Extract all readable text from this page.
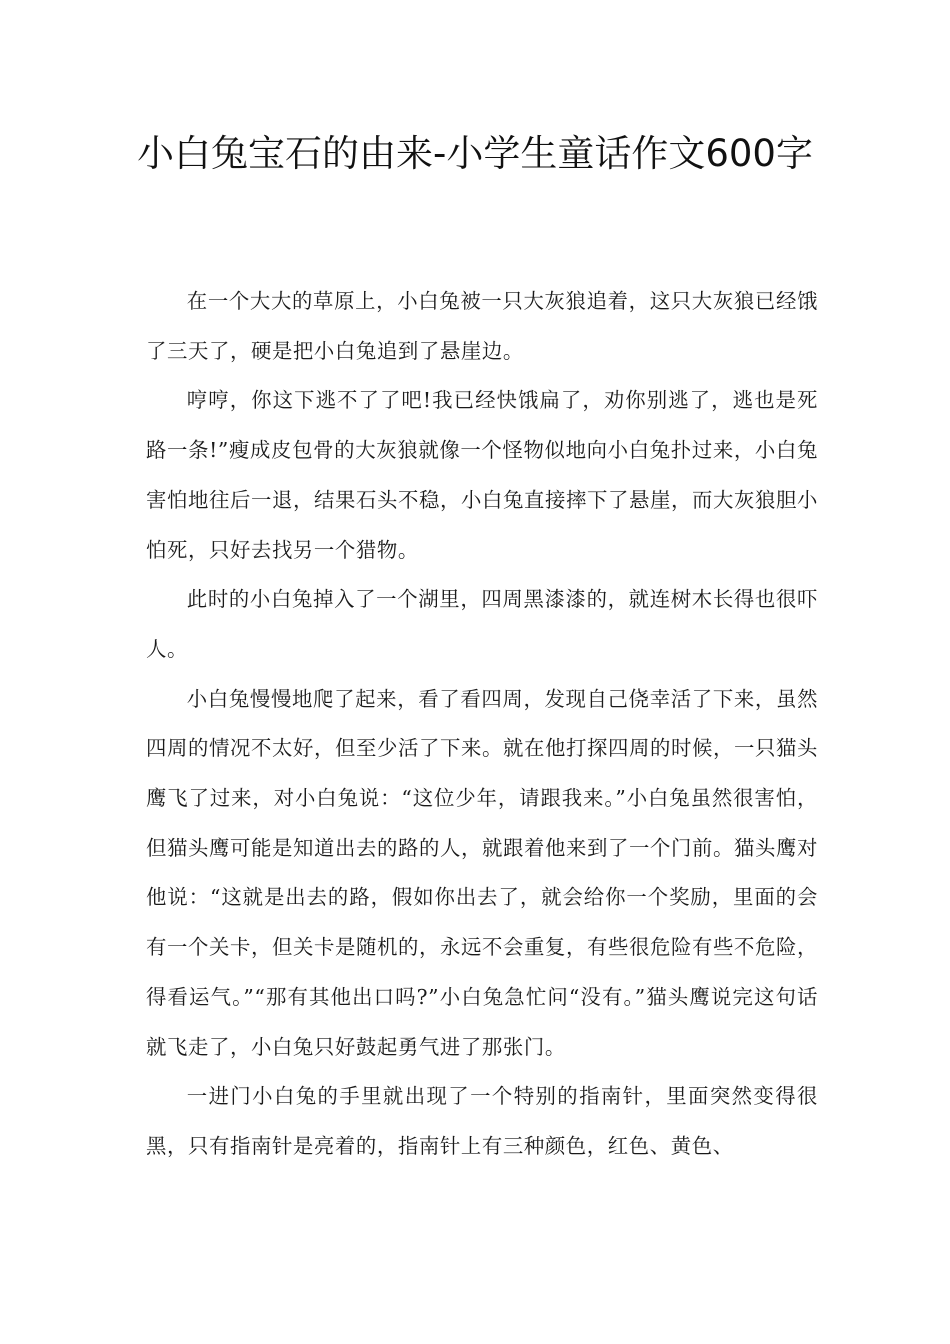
小白兔宝石的由来-小学生童话作文600字

在一个大大的草原上，小白兔被一只大灰狼追着，这只大灰狼已经饿了三天了，硬是把小白兔追到了悬崖边。

哼哼，你这下逃不了了吧!我已经快饿扁了，劝你别逃了，逃也是死路一条!”瘦成皮包骨的大灰狼就像一个怪物似地向小白兔扑过来，小白兔害怕地往后一退，结果石头不稳，小白兔直接摔下了悬崖，而大灰狼胆小怕死，只好去找另一个猎物。

此时的小白兔掉入了一个湖里，四周黑漆漆的，就连树木长得也很吓人。

小白兔慢慢地爬了起来，看了看四周，发现自己侥幸活了下来，虽然四周的情况不太好，但至少活了下来。就在他打探四周的时候，一只猫头鹰飞了过来，对小白兔说：“这位少年，请跟我来。”小白兔虽然很害怕，但猫头鹰可能是知道出去的路的人，就跟着他来到了一个门前。猫头鹰对他说：“这就是出去的路，假如你出去了，就会给你一个奖励，里面的会有一个关卡，但关卡是随机的，永远不会重复，有些很危险有些不危险，得看运气。”“那有其他出口吗?”小白兔急忙问“没有。”猫头鹰说完这句话就飞走了，小白兔只好鼓起勇气进了那张门。

一进门小白兔的手里就出现了一个特别的指南针，里面突然变得很黑，只有指南针是亮着的，指南针上有三种颜色，红色、黄色、
